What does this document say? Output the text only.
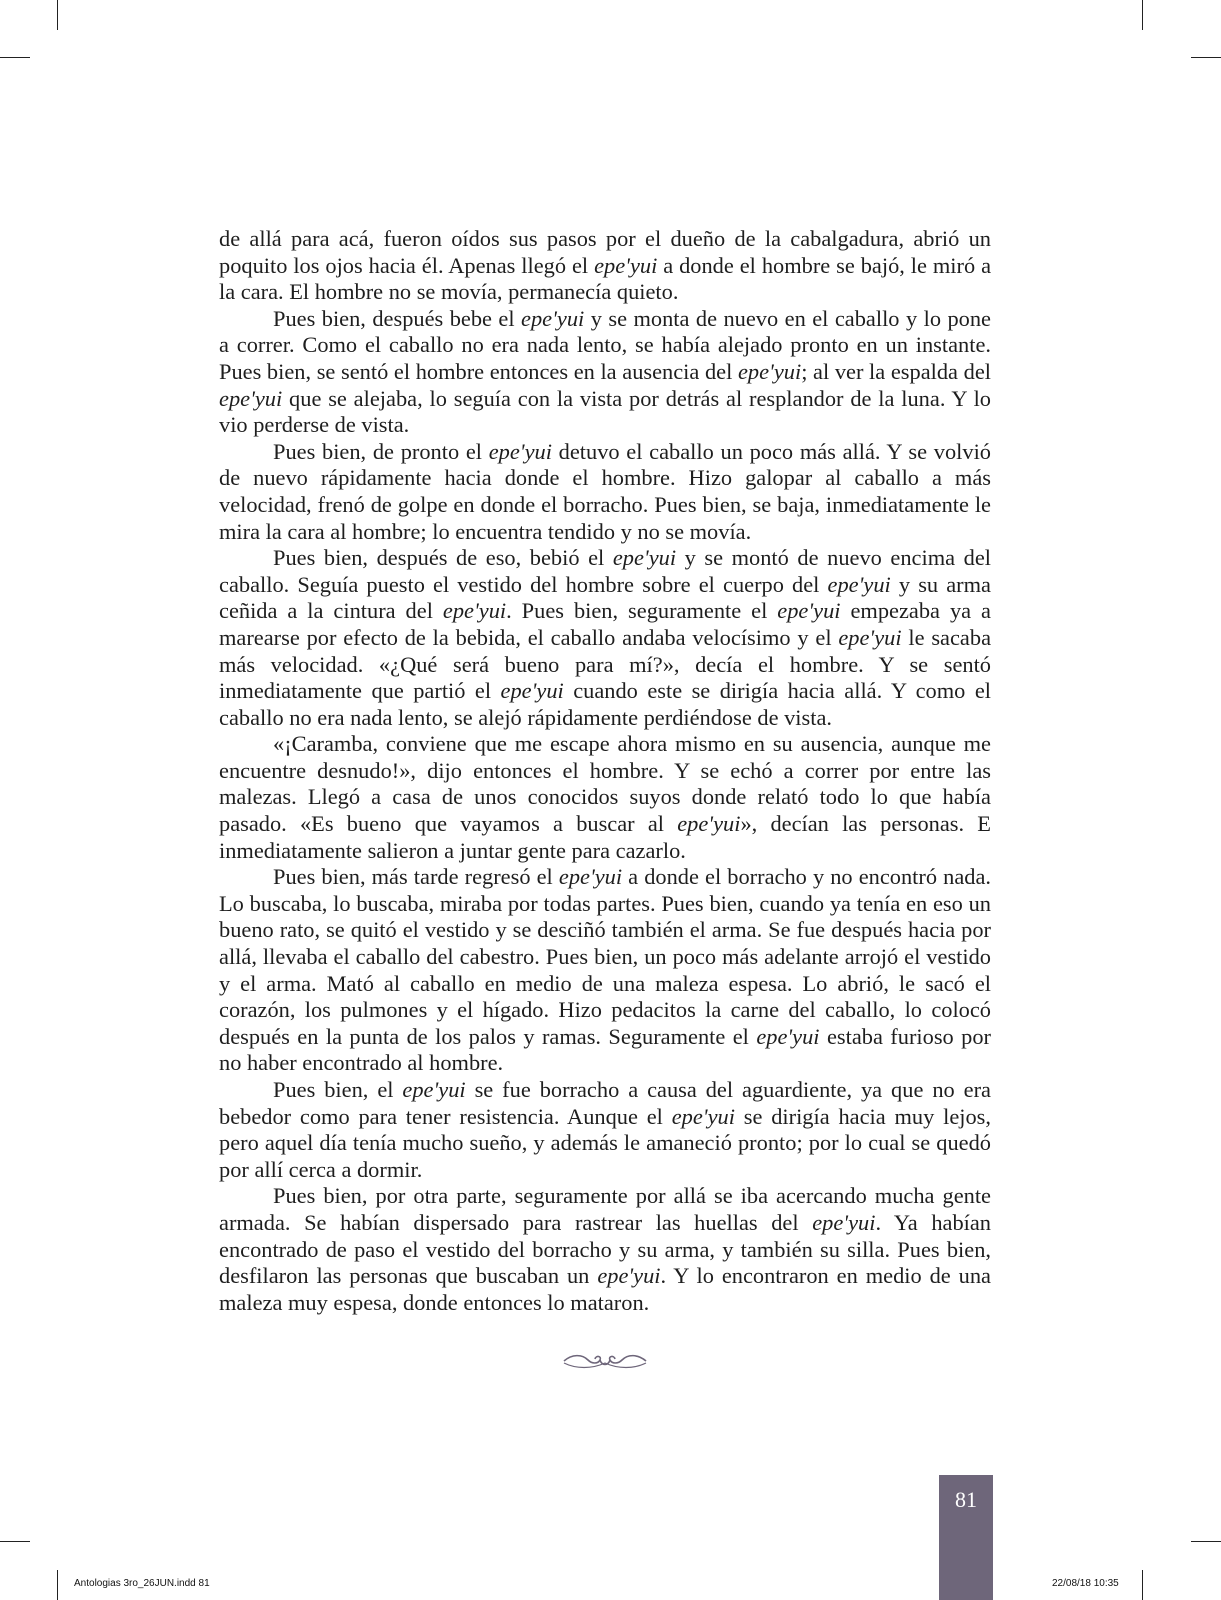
de allá para acá, fueron oídos sus pasos por el dueño de la cabalgadura, abrió un poquito los ojos hacia él. Apenas llegó el epe'yui a donde el hombre se bajó, le miró a la cara. El hombre no se movía, permanecía quieto.

Pues bien, después bebe el epe'yui y se monta de nuevo en el caballo y lo pone a correr. Como el caballo no era nada lento, se había alejado pronto en un instante. Pues bien, se sentó el hombre entonces en la ausencia del epe'yui; al ver la espalda del epe'yui que se alejaba, lo seguía con la vista por detrás al resplandor de la luna. Y lo vio perderse de vista.

Pues bien, de pronto el epe'yui detuvo el caballo un poco más allá. Y se volvió de nuevo rápidamente hacia donde el hombre. Hizo galopar al caballo a más velocidad, frenó de golpe en donde el borracho. Pues bien, se baja, inmediatamente le mira la cara al hombre; lo encuentra tendido y no se movía.

Pues bien, después de eso, bebió el epe'yui y se montó de nuevo encima del caballo. Seguía puesto el vestido del hombre sobre el cuerpo del epe'yui y su arma ceñida a la cintura del epe'yui. Pues bien, seguramente el epe'yui empezaba ya a marearse por efecto de la bebida, el caballo andaba velocísimo y el epe'yui le sacaba más velocidad. «¿Qué será bueno para mí?», decía el hombre. Y se sentó inmediatamente que partió el epe'yui cuando este se dirigía hacia allá. Y como el caballo no era nada lento, se alejó rápidamente perdiéndose de vista.

«¡Caramba, conviene que me escape ahora mismo en su ausencia, aunque me encuentre desnudo!», dijo entonces el hombre. Y se echó a correr por entre las malezas. Llegó a casa de unos conocidos suyos donde relató todo lo que había pasado. «Es bueno que vayamos a buscar al epe'yui», decían las personas. E inmediatamente salieron a juntar gente para cazarlo.

Pues bien, más tarde regresó el epe'yui a donde el borracho y no encontró nada. Lo buscaba, lo buscaba, miraba por todas partes. Pues bien, cuando ya tenía en eso un bueno rato, se quitó el vestido y se desciñó también el arma. Se fue después hacia por allá, llevaba el caballo del cabestro. Pues bien, un poco más adelante arrojó el vestido y el arma. Mató al caballo en medio de una maleza espesa. Lo abrió, le sacó el corazón, los pulmones y el hígado. Hizo pedacitos la carne del caballo, lo colocó después en la punta de los palos y ramas. Seguramente el epe'yui estaba furioso por no haber encontrado al hombre.

Pues bien, el epe'yui se fue borracho a causa del aguardiente, ya que no era bebedor como para tener resistencia. Aunque el epe'yui se dirigía hacia muy lejos, pero aquel día tenía mucho sueño, y además le amaneció pronto; por lo cual se quedó por allí cerca a dormir.

Pues bien, por otra parte, seguramente por allá se iba acercando mucha gente armada. Se habían dispersado para rastrear las huellas del epe'yui. Ya habían encontrado de paso el vestido del borracho y su arma, y también su silla. Pues bien, desfilaron las personas que buscaban un epe'yui. Y lo encontraron en medio de una maleza muy espesa, donde entonces lo mataron.

81
Antologias 3ro_26JUN.indd 81	22/08/18 10:35
